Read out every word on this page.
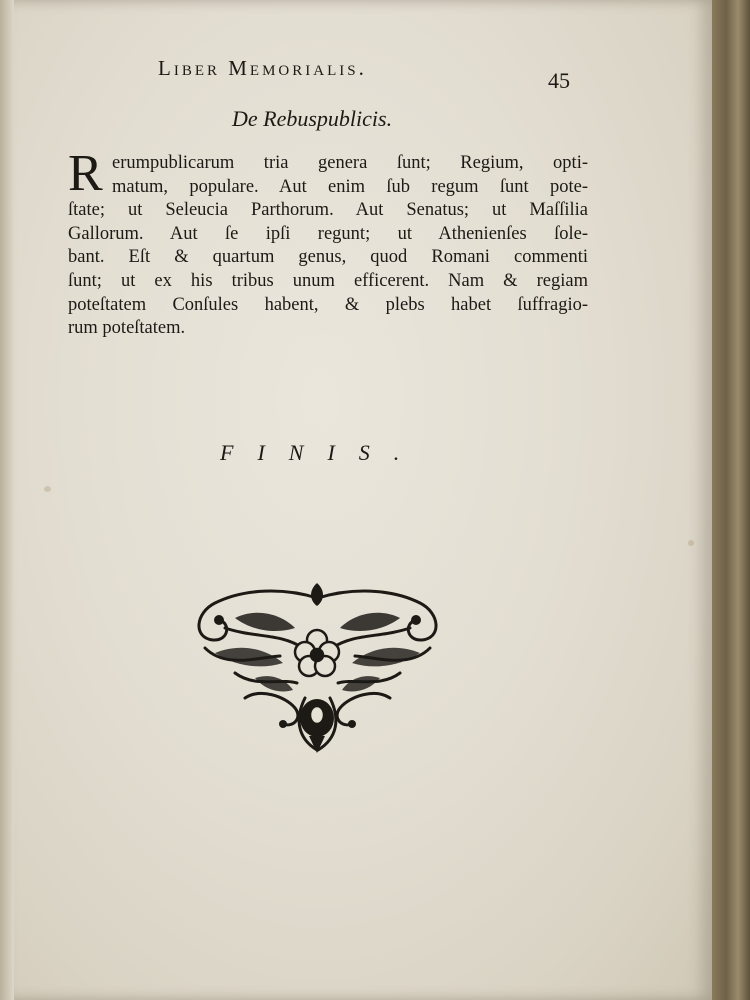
Liber Memorialis.	45
De Rebuspublicis.
R erumpublicarum tria genera ſunt; Regium, opti-
matum, populare. Aut enim ſub regum ſunt pote-
ſtate; ut Seleucia Parthorum. Aut Senatus; ut Maſſilia
Gallorum. Aut ſe ipſi regunt; ut Athenienſes ſole-
bant. Eſt & quartum genus, quod Romani commenti
ſunt; ut ex his tribus unum efficerent. Nam & regiam
poteſtatem Conſules habent, & plebs habet ſuffragio-
rum poteſtatem.
FINIS.
